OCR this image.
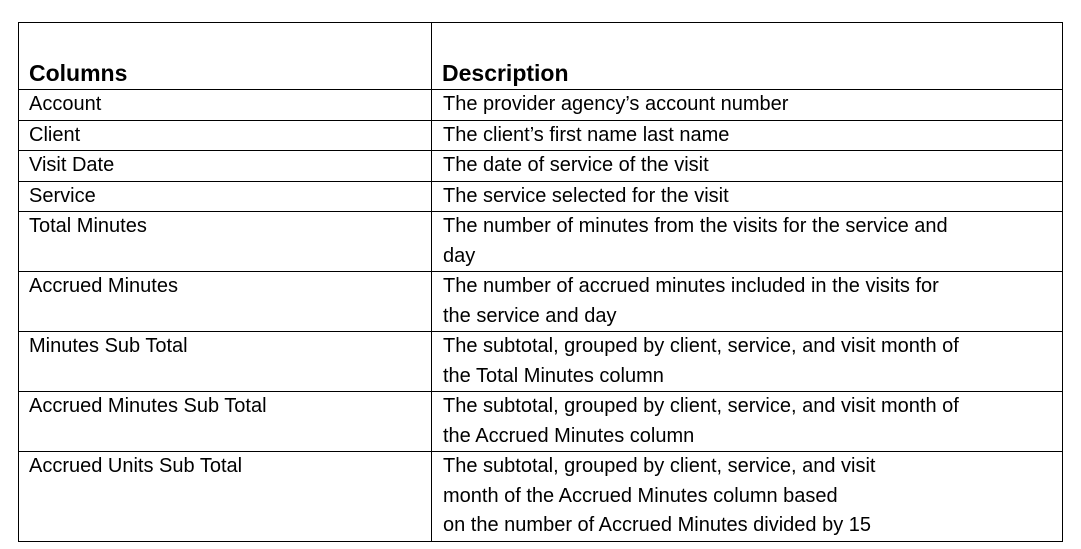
Columns	Description
Account	The provider agency’s account number

Client	The client’s first name last name

Visit Date	The date of service of the visit

Service	The service selected for the visit

Total Minutes	The number of minutes from the visits for the service and
day

Accrued Minutes	The number of accrued minutes included in the visits for
the service and day

Minutes Sub Total	The subtotal, grouped by client, service, and visit month of
the Total Minutes column

Accrued Minutes Sub Total	The subtotal, grouped by client, service, and visit month of
the Accrued Minutes column

Accrued Units Sub Total	The subtotal, grouped by client, service, and visit
month of the Accrued Minutes column based
on the number of Accrued Minutes divided by 15
